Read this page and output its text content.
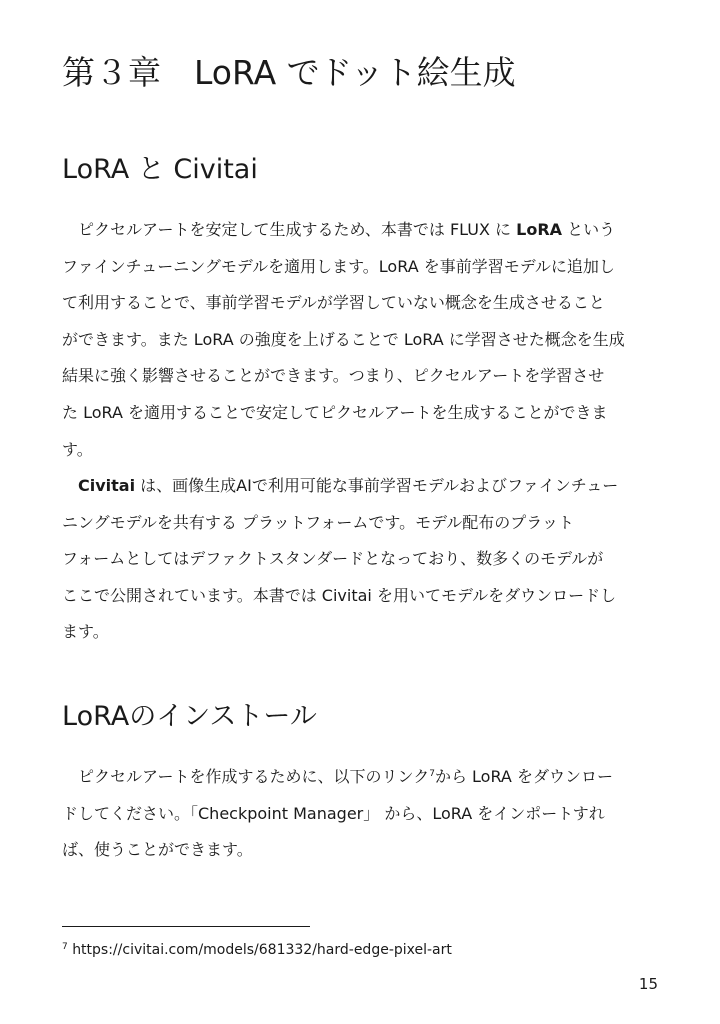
第３章　LoRA でドット絵生成
LoRA と Civitai

　ピクセルアートを安定して生成するため、本書では FLUX に LoRA という
ファインチューニングモデルを適用します。LoRA を事前学習モデルに追加し
て利用することで、事前学習モデルが学習していない概念を生成させること
ができます。また LoRA の強度を上げることで LoRA に学習させた概念を生成
結果に強く影響させることができます。つまり、ピクセルアートを学習させ
た LoRA を適用することで安定してピクセルアートを生成することができま
す。

　Civitai は、画像生成AIで利用可能な事前学習モデルおよびファインチュー
ニングモデルを共有する プラットフォームです。モデル配布のプラット
フォームとしてはデファクトスタンダードとなっており、数多くのモデルが
ここで公開されています。本書では Civitai を用いてモデルをダウンロードし
ます。

LoRAのインストール

　ピクセルアートを作成するために、以下のリンク$^7$から LoRA をダウンロー
ドしてください。「Checkpoint Manager」 から、LoRA をインポートすれ
ば、使うことができます。

$^7$ https://civitai.com/models/681332/hard-edge-pixel-art
15
